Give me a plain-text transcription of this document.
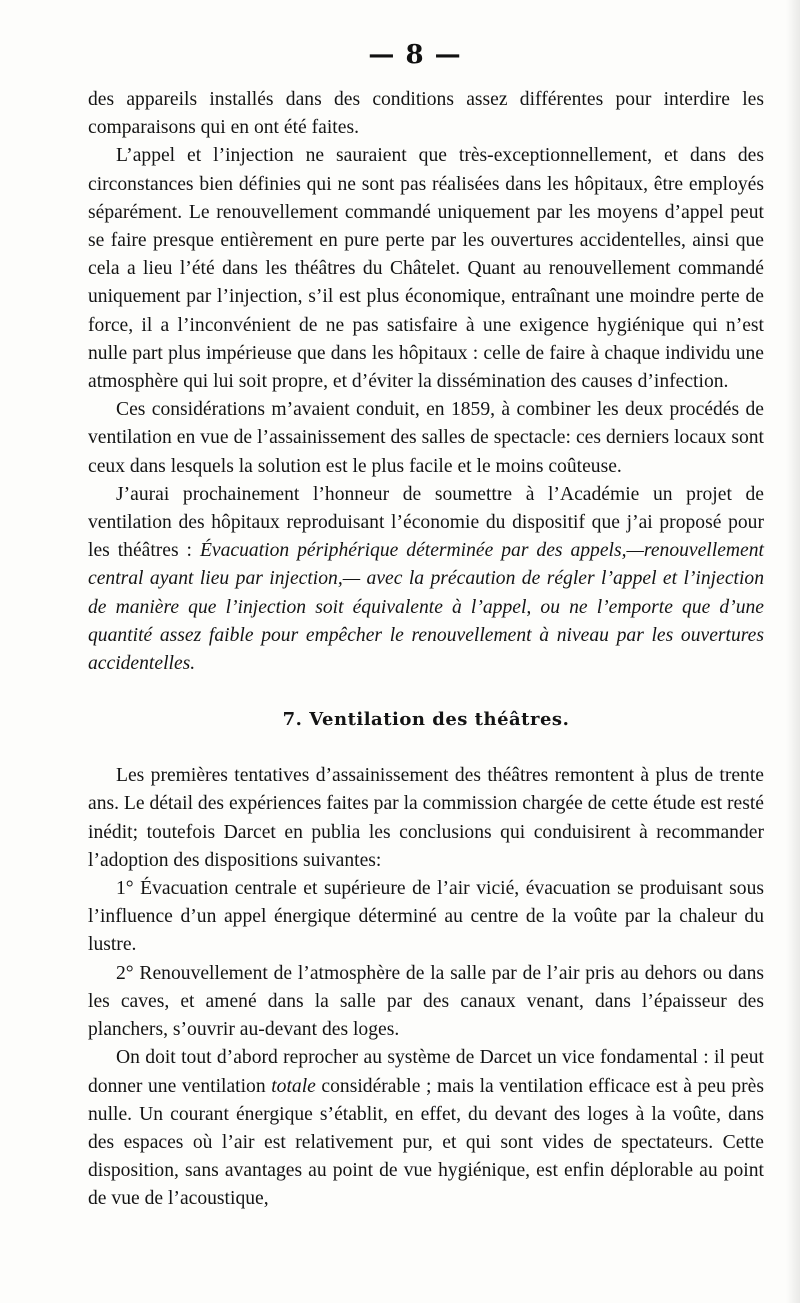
— 8 —

des appareils installés dans des conditions assez différentes pour interdire les comparaisons qui en ont été faites.

L’appel et l’injection ne sauraient que très-exceptionnellement, et dans des circonstances bien définies qui ne sont pas réalisées dans les hôpitaux, être employés séparément. Le renouvellement commandé uniquement par les moyens d’appel peut se faire presque entièrement en pure perte par les ouvertures accidentelles, ainsi que cela a lieu l’été dans les théâtres du Châtelet. Quant au renouvellement commandé uniquement par l’injection, s’il est plus économique, entraînant une moindre perte de force, il a l’inconvénient de ne pas satisfaire à une exigence hygiénique qui n’est nulle part plus impérieuse que dans les hôpitaux : celle de faire à chaque individu une atmosphère qui lui soit propre, et d’éviter la dissémination des causes d’infection.

Ces considérations m’avaient conduit, en 1859, à combiner les deux procédés de ventilation en vue de l’assainissement des salles de spectacle: ces derniers locaux sont ceux dans lesquels la solution est le plus facile et le moins coûteuse.

J’aurai prochainement l’honneur de soumettre à l’Académie un projet de ventilation des hôpitaux reproduisant l’économie du dispositif que j’ai proposé pour les théâtres : Évacuation périphérique déterminée par des appels,—renouvellement central ayant lieu par injection,— avec la précaution de régler l’appel et l’injection de manière que l’injection soit équivalente à l’appel, ou ne l’emporte que d’une quantité assez faible pour empêcher le renouvellement à niveau par les ouvertures accidentelles.

7. Ventilation des théâtres.

Les premières tentatives d’assainissement des théâtres remontent à plus de trente ans. Le détail des expériences faites par la commission chargée de cette étude est resté inédit; toutefois Darcet en publia les conclusions qui conduisirent à recommander l’adoption des dispositions suivantes:

1° Évacuation centrale et supérieure de l’air vicié, évacuation se produisant sous l’influence d’un appel énergique déterminé au centre de la voûte par la chaleur du lustre.

2° Renouvellement de l’atmosphère de la salle par de l’air pris au dehors ou dans les caves, et amené dans la salle par des canaux venant, dans l’épaisseur des planchers, s’ouvrir au-devant des loges.

On doit tout d’abord reprocher au système de Darcet un vice fondamental : il peut donner une ventilation totale considérable ; mais la ventilation efficace est à peu près nulle. Un courant énergique s’établit, en effet, du devant des loges à la voûte, dans des espaces où l’air est relativement pur, et qui sont vides de spectateurs. Cette disposition, sans avantages au point de vue hygiénique, est enfin déplorable au point de vue de l’acoustique,
